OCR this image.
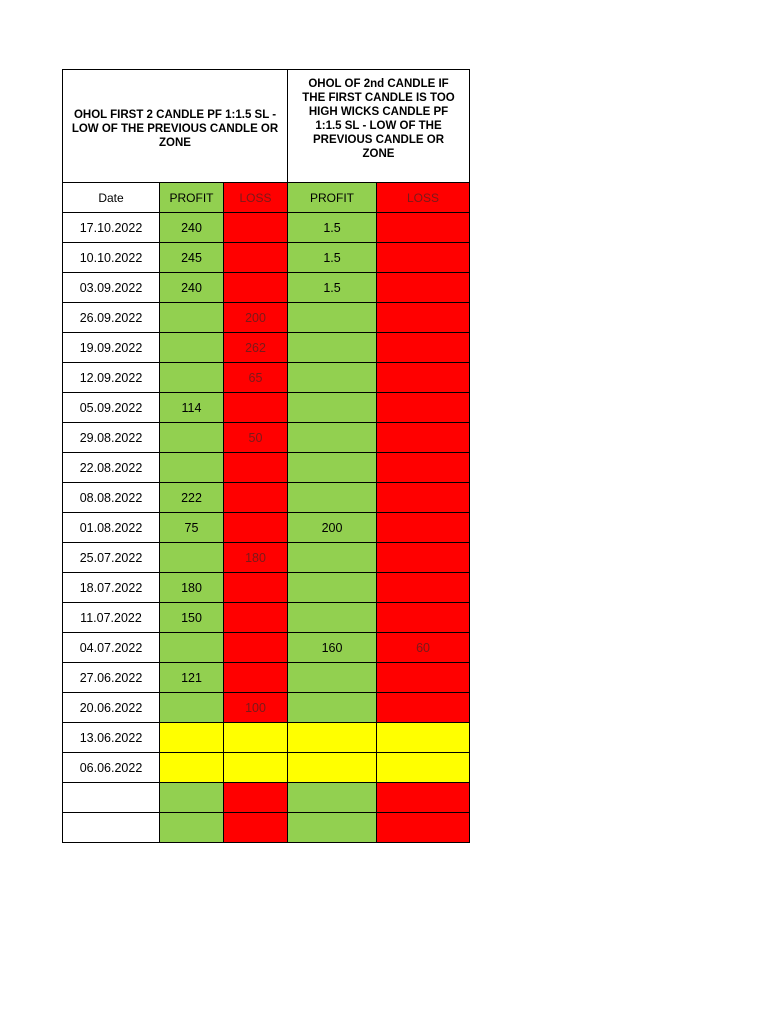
OHOL FIRST 2 CANDLE PF 1:1.5 SL - LOW OF THE PREVIOUS CANDLE OR ZONE			OHOL OF 2nd CANDLE IF THE FIRST CANDLE IS TOO HIGH WICKS CANDLE PF 1:1.5 SL - LOW OF THE PREVIOUS CANDLE OR ZONE	
Date	PROFIT	LOSS	PROFIT	LOSS
17.10.2022	240		1.5	
10.10.2022	245		1.5	
03.09.2022	240		1.5	
26.09.2022		200		
19.09.2022		262		
12.09.2022		65		
05.09.2022	114			
29.08.2022		50		
22.08.2022				
08.08.2022	222			
01.08.2022	75		200	
25.07.2022		180		
18.07.2022	180			
11.07.2022	150			
04.07.2022			160	60
27.06.2022	121			
20.06.2022		100		
13.06.2022				
06.06.2022				
